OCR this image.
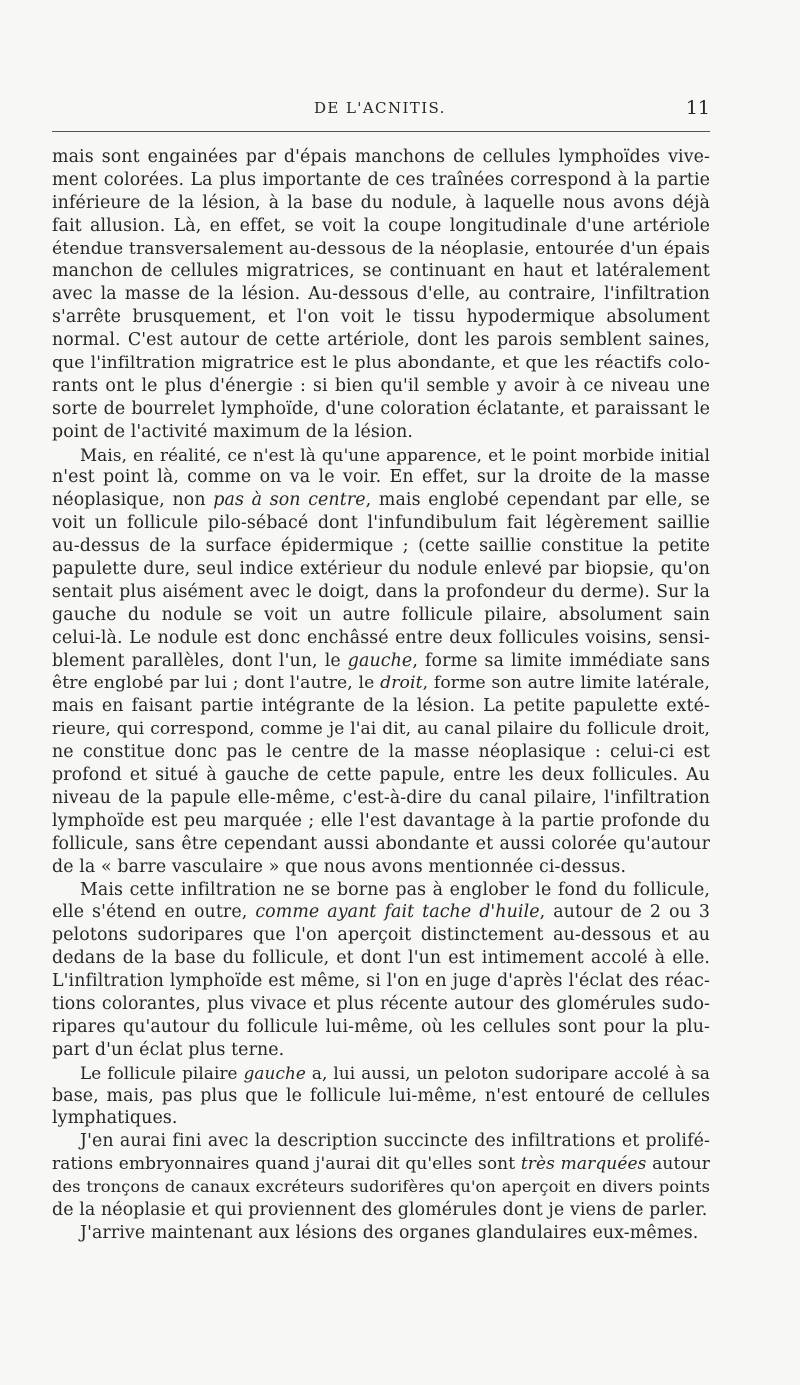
DE L'ACNITIS.	11
mais sont engainées par d'épais manchons de cellules lymphoïdes vive-
ment colorées. La plus importante de ces traînées correspond à la partie
inférieure de la lésion, à la base du nodule, à laquelle nous avons déjà
fait allusion. Là, en effet, se voit la coupe longitudinale d'une artériole
étendue transversalement au-dessous de la néoplasie, entourée d'un épais
manchon de cellules migratrices, se continuant en haut et latéralement
avec la masse de la lésion. Au-dessous d'elle, au contraire, l'infiltration
s'arrête brusquement, et l'on voit le tissu hypodermique absolument
normal. C'est autour de cette artériole, dont les parois semblent saines,
que l'infiltration migratrice est le plus abondante, et que les réactifs colo-
rants ont le plus d'énergie : si bien qu'il semble y avoir à ce niveau une
sorte de bourrelet lymphoïde, d'une coloration éclatante, et paraissant le
point de l'activité maximum de la lésion.
Mais, en réalité, ce n'est là qu'une apparence, et le point morbide initial
n'est point là, comme on va le voir. En effet, sur la droite de la masse
néoplasique, non pas à son centre, mais englobé cependant par elle, se
voit un follicule pilo-sébacé dont l'infundibulum fait légèrement saillie
au-dessus de la surface épidermique ; (cette saillie constitue la petite
papulette dure, seul indice extérieur du nodule enlevé par biopsie, qu'on
sentait plus aisément avec le doigt, dans la profondeur du derme). Sur la
gauche du nodule se voit un autre follicule pilaire, absolument sain
celui-là. Le nodule est donc enchâssé entre deux follicules voisins, sensi-
blement parallèles, dont l'un, le gauche, forme sa limite immédiate sans
être englobé par lui ; dont l'autre, le droit, forme son autre limite latérale,
mais en faisant partie intégrante de la lésion. La petite papulette exté-
rieure, qui correspond, comme je l'ai dit, au canal pilaire du follicule droit,
ne constitue donc pas le centre de la masse néoplasique : celui-ci est
profond et situé à gauche de cette papule, entre les deux follicules. Au
niveau de la papule elle-même, c'est-à-dire du canal pilaire, l'infiltration
lymphoïde est peu marquée ; elle l'est davantage à la partie profonde du
follicule, sans être cependant aussi abondante et aussi colorée qu'autour
de la « barre vasculaire » que nous avons mentionnée ci-dessus.
Mais cette infiltration ne se borne pas à englober le fond du follicule,
elle s'étend en outre, comme ayant fait tache d'huile, autour de 2 ou 3
pelotons sudoripares que l'on aperçoit distinctement au-dessous et au
dedans de la base du follicule, et dont l'un est intimement accolé à elle.
L'infiltration lymphoïde est même, si l'on en juge d'après l'éclat des réac-
tions colorantes, plus vivace et plus récente autour des glomérules sudo-
ripares qu'autour du follicule lui-même, où les cellules sont pour la plu-
part d'un éclat plus terne.
Le follicule pilaire gauche a, lui aussi, un peloton sudoripare accolé à sa
base, mais, pas plus que le follicule lui-même, n'est entouré de cellules
lymphatiques.
J'en aurai fini avec la description succincte des infiltrations et prolifé-
rations embryonnaires quand j'aurai dit qu'elles sont très marquées autour
des tronçons de canaux excréteurs sudorifères qu'on aperçoit en divers points
de la néoplasie et qui proviennent des glomérules dont je viens de parler.
J'arrive maintenant aux lésions des organes glandulaires eux-mêmes.
